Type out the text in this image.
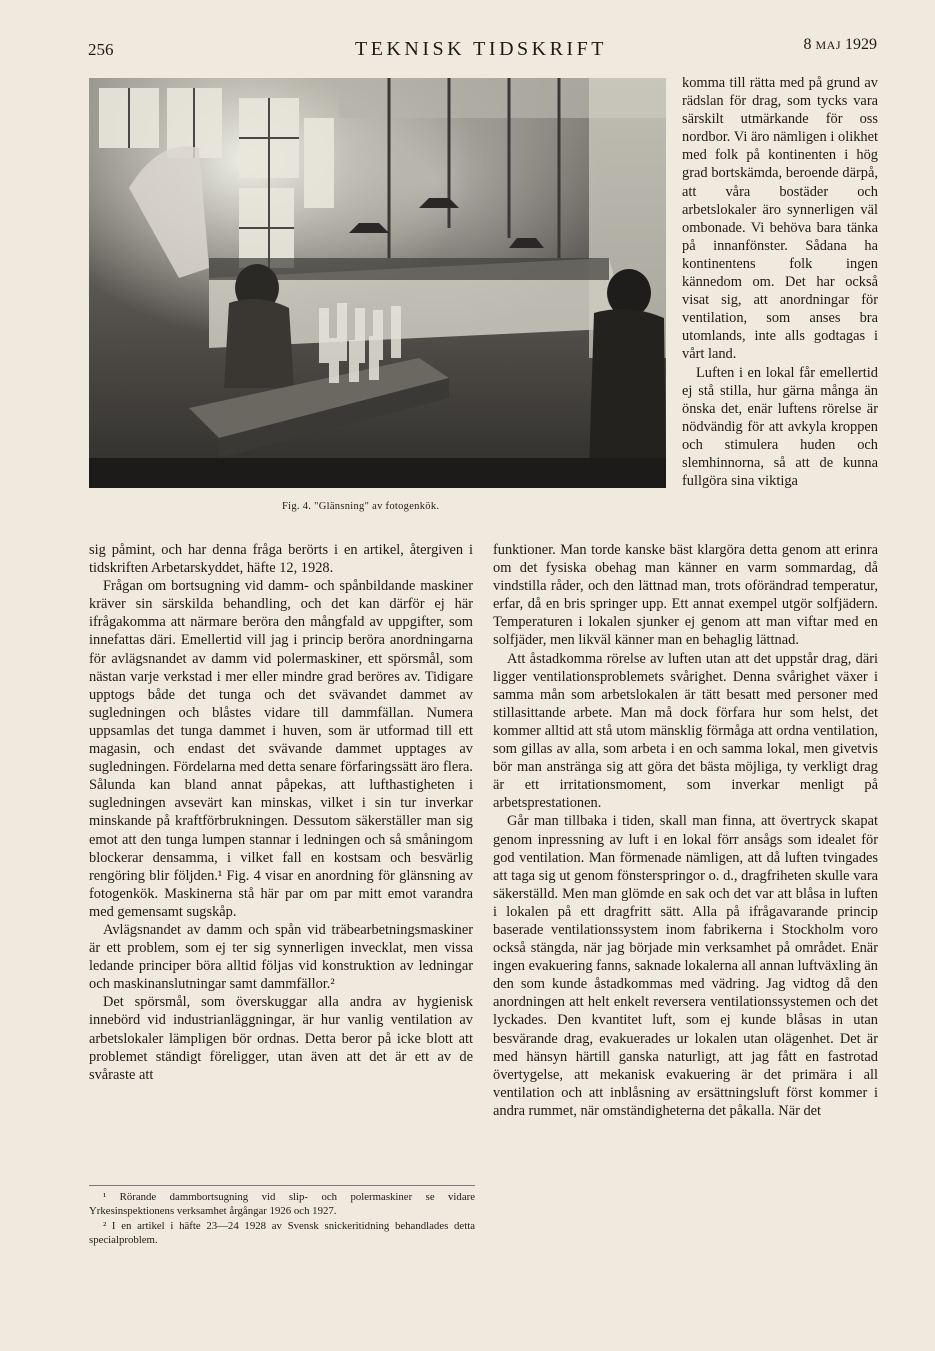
256	TEKNISK TIDSKRIFT	8 MAJ 1929
Fig. 4. "Glänsning" av fotogenkök.

komma till rätta med på grund av rädslan för drag, som tycks vara särskilt utmärkande för oss nordbor. Vi äro nämligen i olikhet med folk på kontinenten i hög grad bortskämda, beroende därpå, att våra bostäder och arbetslokaler äro synnerligen väl ombonade. Vi behöva bara tänka på innanfönster. Sådana ha kontinentens folk ingen kännedom om. Det har också visat sig, att anordningar för ventilation, som anses bra utomlands, inte alls godtagas i vårt land.

Luften i en lokal får emellertid ej stå stilla, hur gärna många än önska det, enär luftens rörelse är nödvändig för att avkyla kroppen och stimulera huden och slemhinnorna, så att de kunna fullgöra sina viktiga

sig påmint, och har denna fråga berörts i en artikel, återgiven i tidskriften Arbetarskyddet, häfte 12, 1928.

Frågan om bortsugning vid damm- och spånbildande maskiner kräver sin särskilda behandling, och det kan därför ej här ifrågakomma att närmare beröra den mångfald av uppgifter, som innefattas däri. Emellertid vill jag i princip beröra anordningarna för avlägsnandet av damm vid polermaskiner, ett spörsmål, som nästan varje verkstad i mer eller mindre grad beröres av. Tidigare upptogs både det tunga och det svävandet dammet av sugledningen och blåstes vidare till dammfällan. Numera uppsamlas det tunga dammet i huven, som är utformad till ett magasin, och endast det svävande dammet upptages av sugledningen. Fördelarna med detta senare förfaringssätt äro flera. Sålunda kan bland annat påpekas, att lufthastigheten i sugledningen avsevärt kan minskas, vilket i sin tur inverkar minskande på kraftförbrukningen. Dessutom säkerställer man sig emot att den tunga lumpen stannar i ledningen och så småningom blockerar densamma, i vilket fall en kostsam och besvärlig rengöring blir följden.¹ Fig. 4 visar en anordning för glänsning av fotogenkök. Maskinerna stå här par om par mitt emot varandra med gemensamt sugskåp.

Avlägsnandet av damm och spån vid träbearbetningsmaskiner är ett problem, som ej ter sig synnerligen invecklat, men vissa ledande principer böra alltid följas vid konstruktion av ledningar och maskinanslutningar samt dammfällor.²

Det spörsmål, som överskuggar alla andra av hygienisk innebörd vid industrianläggningar, är hur vanlig ventilation av arbetslokaler lämpligen bör ordnas. Detta beror på icke blott att problemet ständigt föreligger, utan även att det är ett av de svåraste att

funktioner. Man torde kanske bäst klargöra detta genom att erinra om det fysiska obehag man känner en varm sommardag, då vindstilla råder, och den lättnad man, trots oförändrad temperatur, erfar, då en bris springer upp. Ett annat exempel utgör solfjädern. Temperaturen i lokalen sjunker ej genom att man viftar med en solfjäder, men likväl känner man en behaglig lättnad.

Att åstadkomma rörelse av luften utan att det uppstår drag, däri ligger ventilationsproblemets svårighet. Denna svårighet växer i samma mån som arbetslokalen är tätt besatt med personer med stillasittande arbete. Man må dock förfara hur som helst, det kommer alltid att stå utom mänsklig förmåga att ordna ventilation, som gillas av alla, som arbeta i en och samma lokal, men givetvis bör man anstränga sig att göra det bästa möjliga, ty verkligt drag är ett irritationsmoment, som inverkar menligt på arbetsprestationen.

Går man tillbaka i tiden, skall man finna, att övertryck skapat genom inpressning av luft i en lokal förr ansågs som idealet för god ventilation. Man förmenade nämligen, att då luften tvingades att taga sig ut genom fönsterspringor o. d., dragfriheten skulle vara säkerställd. Men man glömde en sak och det var att blåsa in luften i lokalen på ett dragfritt sätt. Alla på ifrågavarande princip baserade ventilationssystem inom fabrikerna i Stockholm voro också stängda, när jag började min verksamhet på området. Enär ingen evakuering fanns, saknade lokalerna all annan luftväxling än den som kunde åstadkommas med vädring. Jag vidtog då den anordningen att helt enkelt reversera ventilationssystemen och det lyckades. Den kvantitet luft, som ej kunde blåsas in utan besvärande drag, evakuerades ur lokalen utan olägenhet. Det är med hänsyn härtill ganska naturligt, att jag fått en fastrotad övertygelse, att mekanisk evakuering är det primära i all ventilation och att inblåsning av ersättningsluft först kommer i andra rummet, när omständigheterna det påkalla. När det

¹ Rörande dammbortsugning vid slip- och polermaskiner se vidare Yrkesinspektionens verksamhet årgångar 1926 och 1927.

² I en artikel i häfte 23—24 1928 av Svensk snickeritidning behandlades detta specialproblem.
